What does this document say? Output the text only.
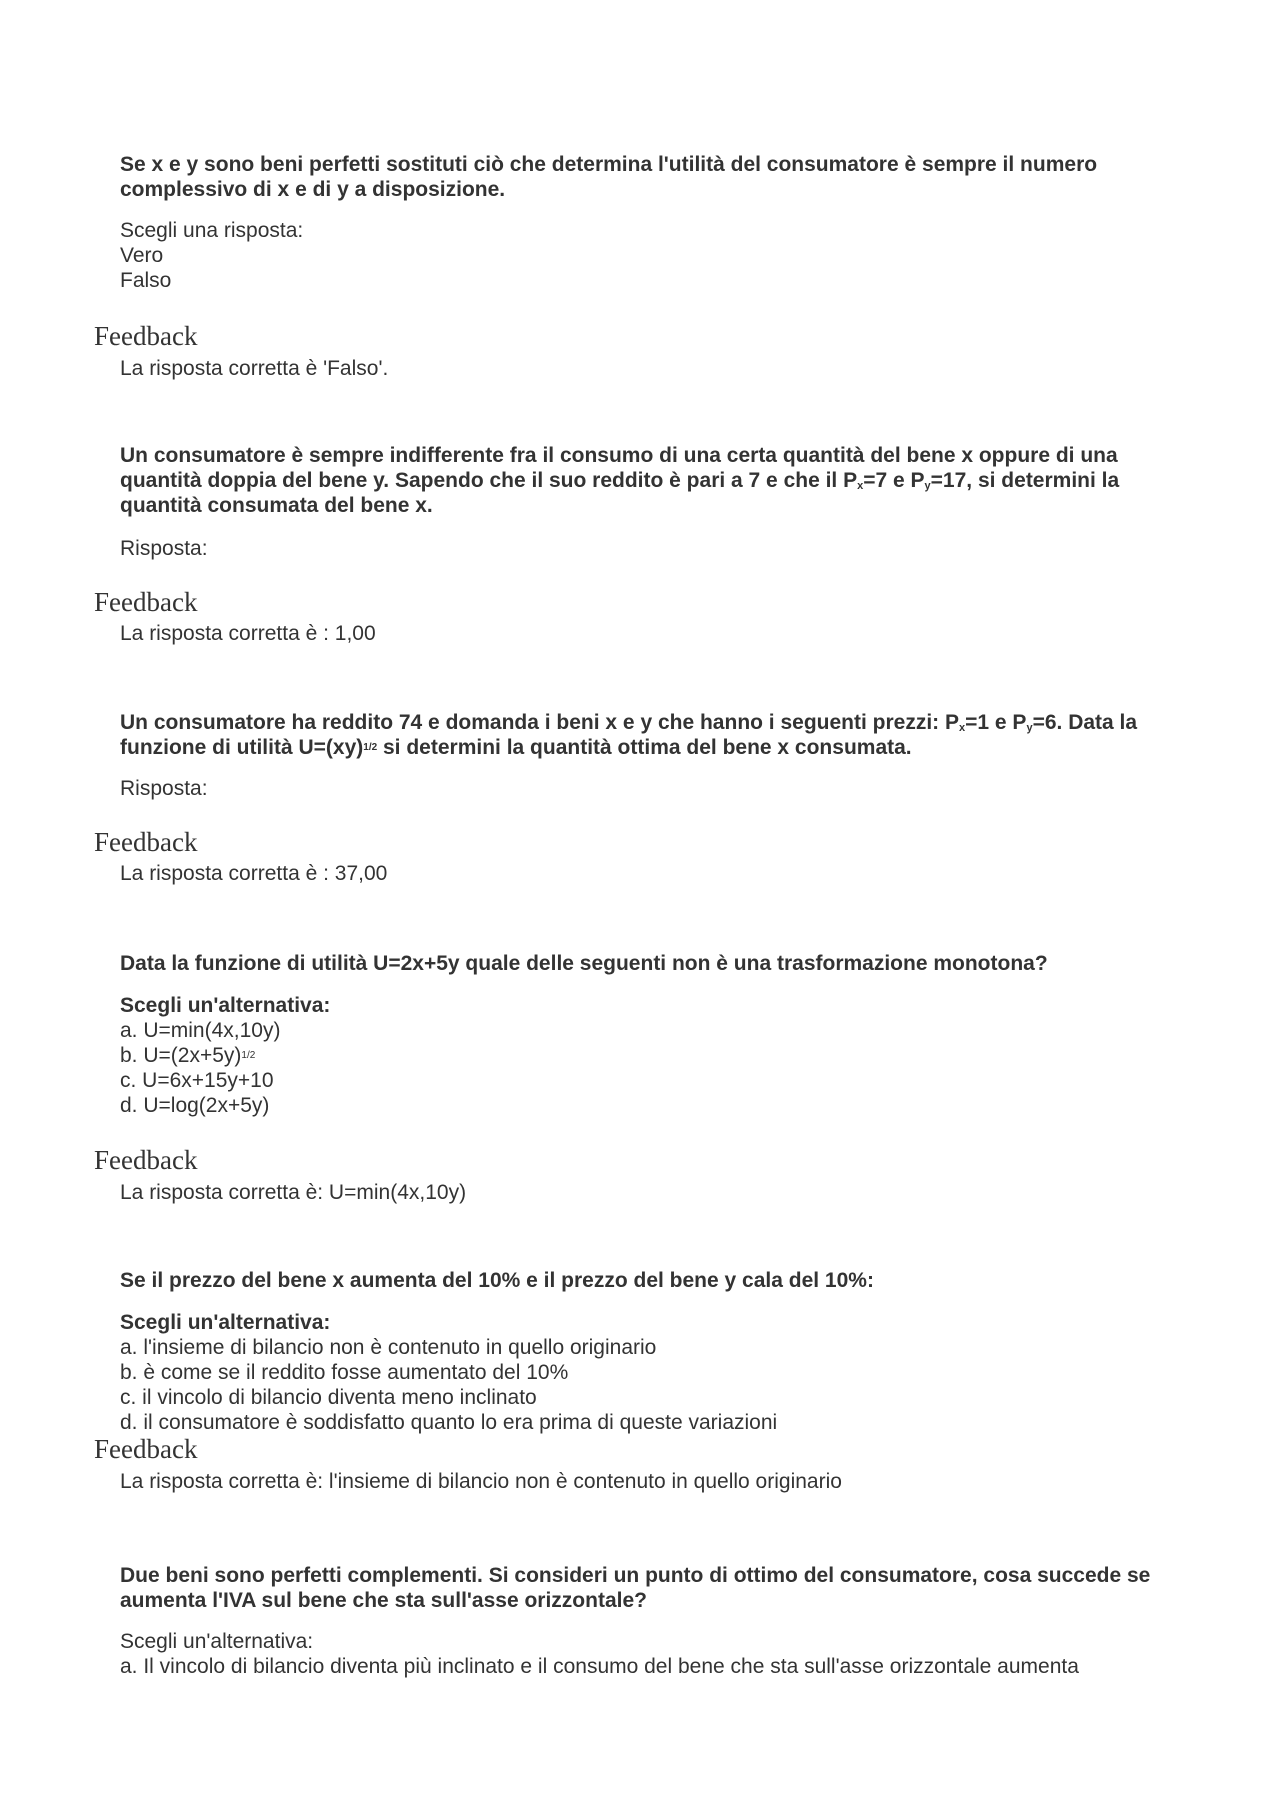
Se x e y sono beni perfetti sostituti ciò che determina l'utilità del consumatore è sempre il numero complessivo di x e di y a disposizione.
Scegli una risposta:
Vero
Falso
Feedback
La risposta corretta è 'Falso'.
Un consumatore è sempre indifferente fra il consumo di una certa quantità del bene x oppure di una quantità doppia del bene y. Sapendo che il suo reddito è pari a 7 e che il $P_x=7$ e $P_y=17$, si determini la quantità consumata del bene x.
Risposta:
Feedback
La risposta corretta è : 1,00
Un consumatore ha reddito 74 e domanda i beni x e y che hanno i seguenti prezzi: $P_x=1$ e $P_y=6$. Data la funzione di utilità U=(xy)$^{1/2}$ si determini la quantità ottima del bene x consumata.
Risposta:
Feedback
La risposta corretta è : 37,00
Data la funzione di utilità U=2x+5y quale delle seguenti non è una trasformazione monotona?
Scegli un'alternativa:
a. U=min(4x,10y)
b. $U=(2x+5y)^{1/2}$
c. U=6x+15y+10
d. U=log(2x+5y)
Feedback
La risposta corretta è: U=min(4x,10y)
Se il prezzo del bene x aumenta del 10% e il prezzo del bene y cala del 10%:
Scegli un'alternativa:
a. l'insieme di bilancio non è contenuto in quello originario
b. è come se il reddito fosse aumentato del 10%
c. il vincolo di bilancio diventa meno inclinato
d. il consumatore è soddisfatto quanto lo era prima di queste variazioni
Feedback
La risposta corretta è: l'insieme di bilancio non è contenuto in quello originario
Due beni sono perfetti complementi. Si consideri un punto di ottimo del consumatore, cosa succede se aumenta l'IVA sul bene che sta sull'asse orizzontale?
Scegli un'alternativa:
a. Il vincolo di bilancio diventa più inclinato e il consumo del bene che sta sull'asse orizzontale aumenta
